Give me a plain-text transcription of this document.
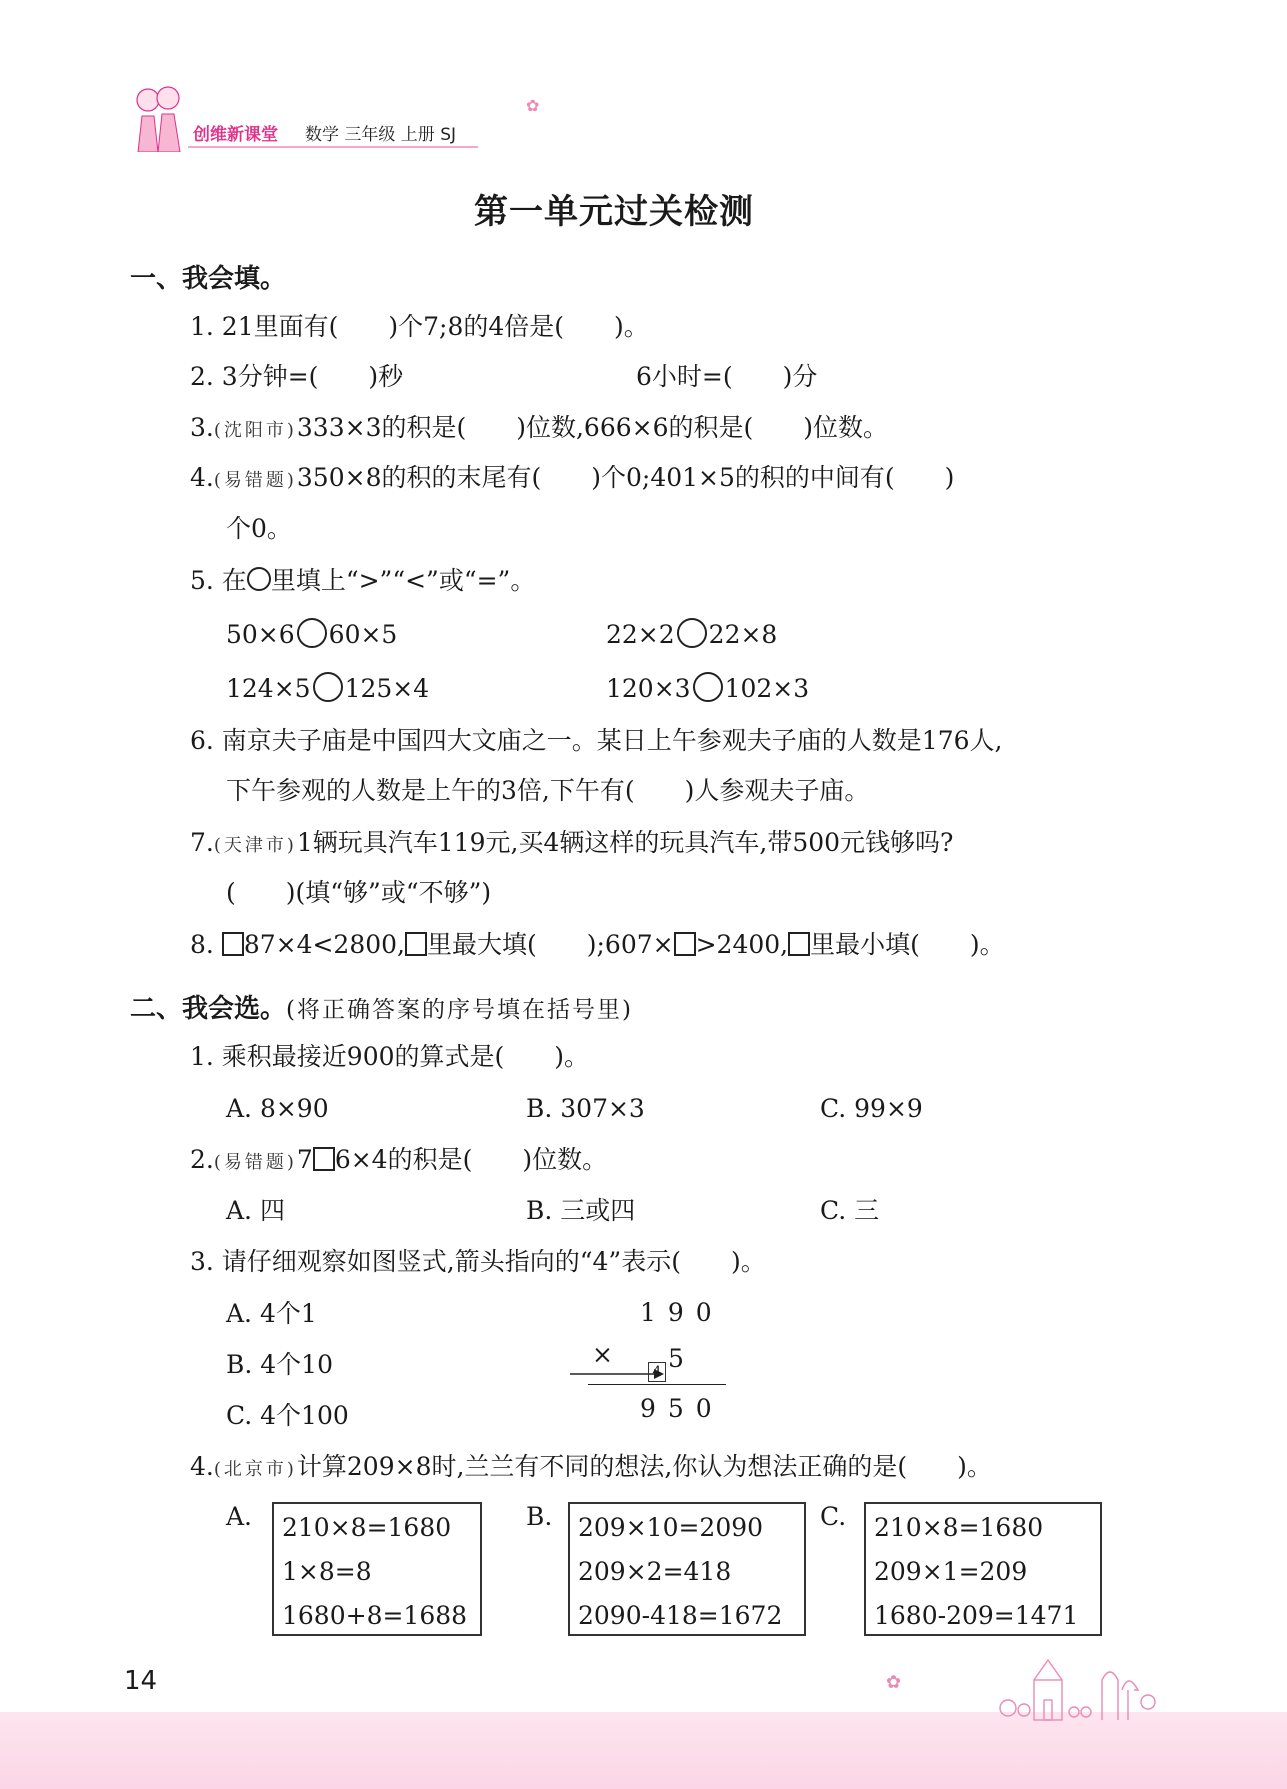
创维新课堂 数学 三年级 上册 SJ
第一单元过关检测
一、我会填。
1. 21里面有(　　)个7;8的4倍是(　　)。
2. 3分钟=(　　)秒	6小时=(　　)分
3.(沈阳市)333×3的积是(　　)位数,666×6的积是(　　)位数。
4.(易错题)350×8的积的末尾有(　　)个0;401×5的积的中间有(　　)
个0。
5. 在 里填上“>”“<”或“=”。
50×6 60×5	22×2 22×8
124×5 125×4	120×3 102×3
6. 南京夫子庙是中国四大文庙之一。某日上午参观夫子庙的人数是176人,
下午参观的人数是上午的3倍,下午有(　　)人参观夫子庙。
7.(天津市)1辆玩具汽车119元,买4辆这样的玩具汽车,带500元钱够吗?
(　　)(填“够”或“不够”)
8. 87×4<2800, 里最大填(　　);607× >2400, 里最小填(　　)。
二、我会选。(将正确答案的序号填在括号里)
1. 乘积最接近900的算式是(　　)。
A. 8×90	B. 307×3	C. 99×9
2.(易错题)7 6×4的积是(　　)位数。
A. 四	B. 三或四	C. 三
3. 请仔细观察如图竖式,箭头指向的“4”表示(　　)。
A. 4个1
B. 4个10
C. 4个100
1 9 0
× 5
4
9 5 0
4.(北京市)计算209×8时,兰兰有不同的想法,你认为想法正确的是(　　)。
A. 210×8=1680
1×8=8
1680+8=1688
B. 209×10=2090
209×2=418
2090-418=1672
C. 210×8=1680
209×1=209
1680-209=1471
14	✿
✿
